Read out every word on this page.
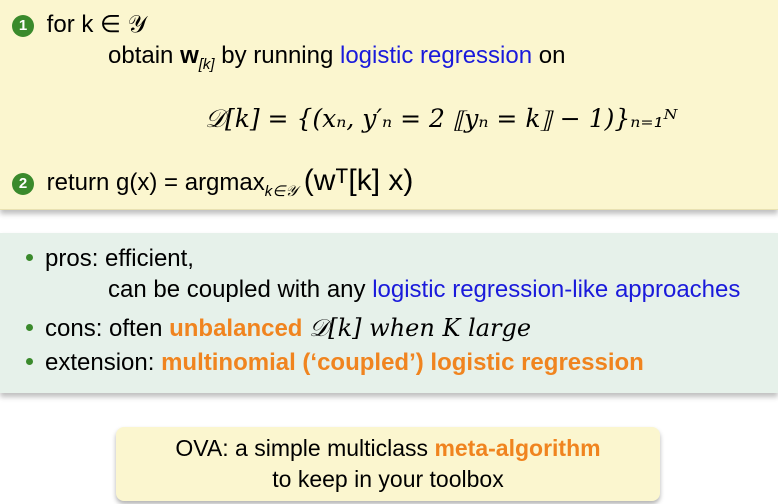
1 for k ∈ 𝒴
obtain $w_{[k]}$ by running logistic regression on
𝒟[k] = {(xₙ, y′ₙ = 2 ⟦yₙ = k⟧ − 1)}ₙ₌₁ᴺ
2 return g(x) = argmax$_{k\in 𝒴}$ (wᵀ[k] x)
pros: efficient,
can be coupled with any logistic regression-like approaches
cons: often unbalanced 𝒟[k] when K large
extension: multinomial (‘coupled’) logistic regression
OVA: a simple multiclass meta-algorithm
to keep in your toolbox
